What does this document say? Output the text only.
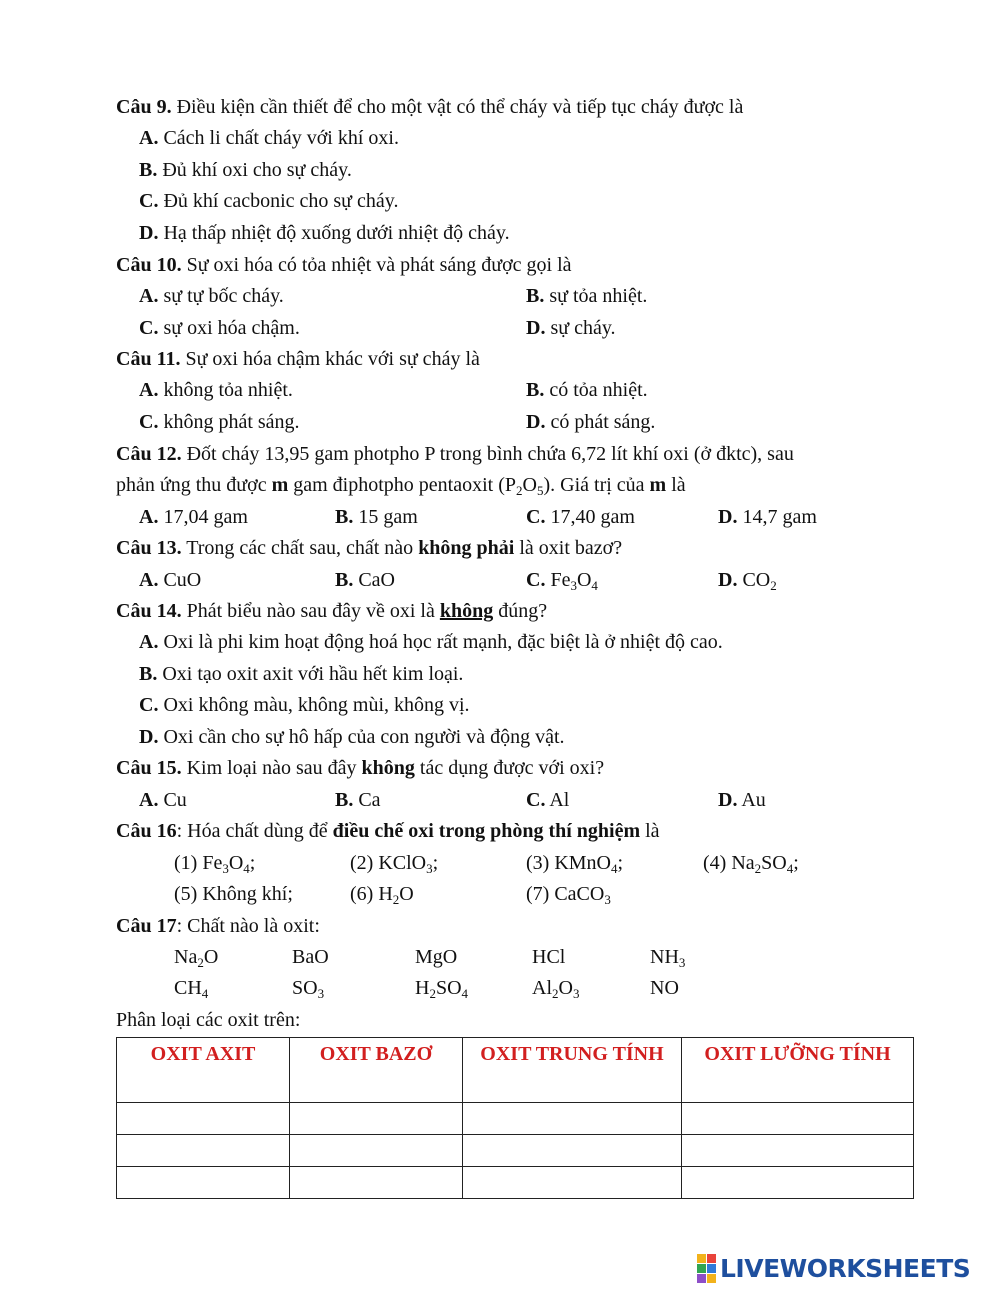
Câu 9. Điều kiện cần thiết để cho một vật có thể cháy và tiếp tục cháy được là
A. Cách li chất cháy với khí oxi.
B. Đủ khí oxi cho sự cháy.
C. Đủ khí cacbonic cho sự cháy.
D. Hạ thấp nhiệt độ xuống dưới nhiệt độ cháy.
Câu 10. Sự oxi hóa có tỏa nhiệt và phát sáng được gọi là
A. sự tự bốc cháy.	B. sự tỏa nhiệt.
C. sự oxi hóa chậm.	D. sự cháy.
Câu 11. Sự oxi hóa chậm khác với sự cháy là
A. không tỏa nhiệt.	B. có tỏa nhiệt.
C. không phát sáng.	D. có phát sáng.
Câu 12. Đốt cháy 13,95 gam photpho P trong bình chứa 6,72 lít khí oxi (ở đktc), sau
phản ứng thu được m gam điphotpho pentaoxit $(P_2O_5)$. Giá trị của m là
A. 17,04 gam	B. 15 gam	C. 17,40 gam	D. 14,7 gam
Câu 13. Trong các chất sau, chất nào không phải là oxit bazơ?
A. CuO	B. CaO	C. $Fe_3O_4$	D. $CO_2$
Câu 14. Phát biểu nào sau đây về oxi là không đúng?
A. Oxi là phi kim hoạt động hoá học rất mạnh, đặc biệt là ở nhiệt độ cao.
B. Oxi tạo oxit axit với hầu hết kim loại.
C. Oxi không màu, không mùi, không vị.
D. Oxi cần cho sự hô hấp của con người và động vật.
Câu 15. Kim loại nào sau đây không tác dụng được với oxi?
A. Cu	B. Ca	C. Al	D. Au
Câu 16: Hóa chất dùng để điều chế oxi trong phòng thí nghiệm là
(1) $Fe_3O_4$;	(2) KClO$_3$;	(3) KMnO$_4$;	(4) $Na_2SO_4$;
(5) Không khí;	(6) $H_2O$	(7) CaCO$_3$
Câu 17: Chất nào là oxit:
$Na_2O$	BaO	MgO	HCl	$NH_3$
$CH_4$	$SO_3$	$H_2SO_4$	$Al_2O_3$	NO
Phân loại các oxit trên:
OXIT AXIT	OXIT BAZƠ	OXIT TRUNG TÍNH	OXIT LƯỠNG TÍNH

LIVEWORKSHEETS
